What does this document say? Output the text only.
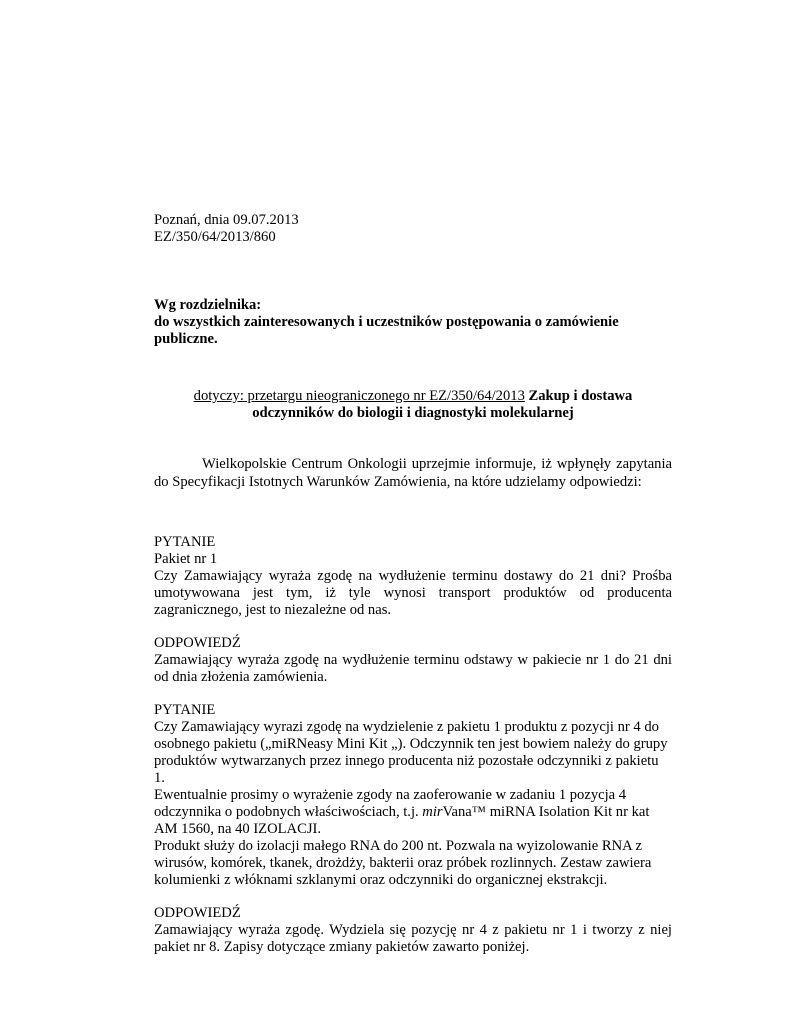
Poznań, dnia 09.07.2013

EZ/350/64/2013/860

Wg rozdzielnika:

do wszystkich zainteresowanych i uczestników postępowania o zamówienie publiczne.

dotyczy: przetargu nieograniczonego nr EZ/350/64/2013 Zakup i dostawa odczynników do biologii i diagnostyki molekularnej

Wielkopolskie Centrum Onkologii uprzejmie informuje, iż wpłynęły zapytania do Specyfikacji Istotnych Warunków Zamówienia, na które udzielamy odpowiedzi:

PYTANIE

Pakiet nr 1

Czy Zamawiający wyraża zgodę na wydłużenie terminu dostawy do 21 dni? Prośba umotywowana jest tym, iż tyle wynosi transport produktów od producenta zagranicznego, jest to niezależne od nas.

ODPOWIEDŹ

Zamawiający wyraża zgodę na wydłużenie terminu odstawy w pakiecie nr 1 do 21 dni od dnia złożenia zamówienia.

PYTANIE

Czy Zamawiający wyrazi zgodę na wydzielenie z pakietu 1 produktu z pozycji nr 4 do osobnego pakietu („miRNeasy Mini Kit „). Odczynnik ten jest bowiem należy do grupy produktów wytwarzanych przez innego producenta niż pozostałe odczynniki z pakietu 1.

Ewentualnie prosimy o wyrażenie zgody na zaoferowanie w zadaniu 1 pozycja 4 odczynnika o podobnych właściwościach, t.j. mirVana™ miRNA Isolation Kit nr kat AM 1560, na 40 IZOLACJI.

Produkt służy do izolacji małego RNA do 200 nt. Pozwala na wyizolowanie RNA z wirusów, komórek, tkanek, drożdży, bakterii oraz próbek rozlinnych. Zestaw zawiera kolumienki z włóknami szklanymi oraz odczynniki do organicznej ekstrakcji.

ODPOWIEDŹ

Zamawiający wyraża zgodę. Wydziela się pozycję nr 4 z pakietu nr 1 i tworzy z niej pakiet nr 8. Zapisy dotyczące zmiany pakietów zawarto poniżej.
